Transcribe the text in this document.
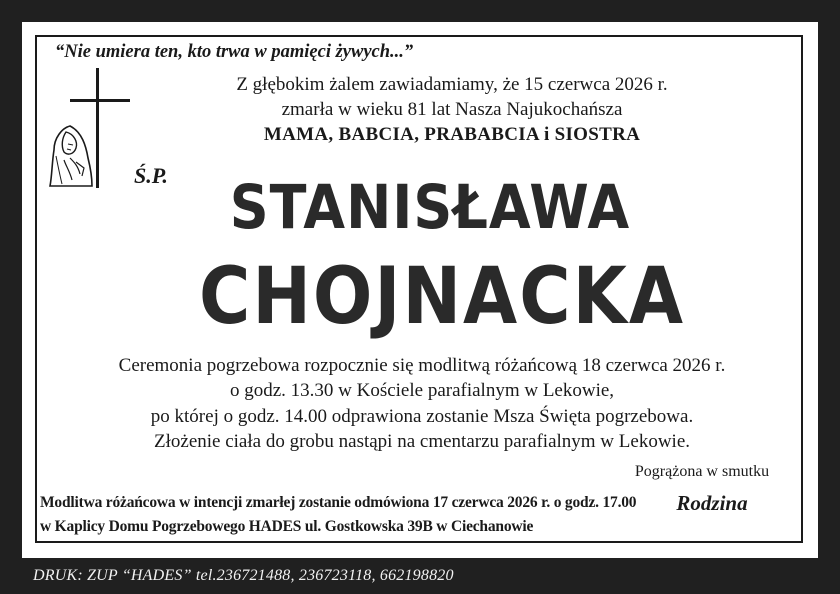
“Nie umiera ten, kto trwa w pamięci żywych...”
Ś.P.
Z głębokim żalem zawiadamiamy, że 15 czerwca 2026 r.
zmarła w wieku 81 lat Nasza Najukochańsza
MAMA, BABCIA, PRABABCIA i SIOSTRA
STANISŁAWA
CHOJNACKA
Ceremonia pogrzebowa rozpocznie się modlitwą różańcową 18 czerwca 2026 r.
o godz. 13.30 w Kościele parafialnym w Lekowie,
po której o godz. 14.00 odprawiona zostanie Msza Święta pogrzebowa.
Złożenie ciała do grobu nastąpi na cmentarzu parafialnym w Lekowie.
Pogrążona w smutku
Rodzina
Modlitwa różańcowa w intencji zmarłej zostanie odmówiona 17 czerwca 2026 r. o godz. 17.00
w Kaplicy Domu Pogrzebowego HADES ul. Gostkowska 39B w Ciechanowie
DRUK: ZUP “HADES” tel.236721488, 236723118, 662198820
